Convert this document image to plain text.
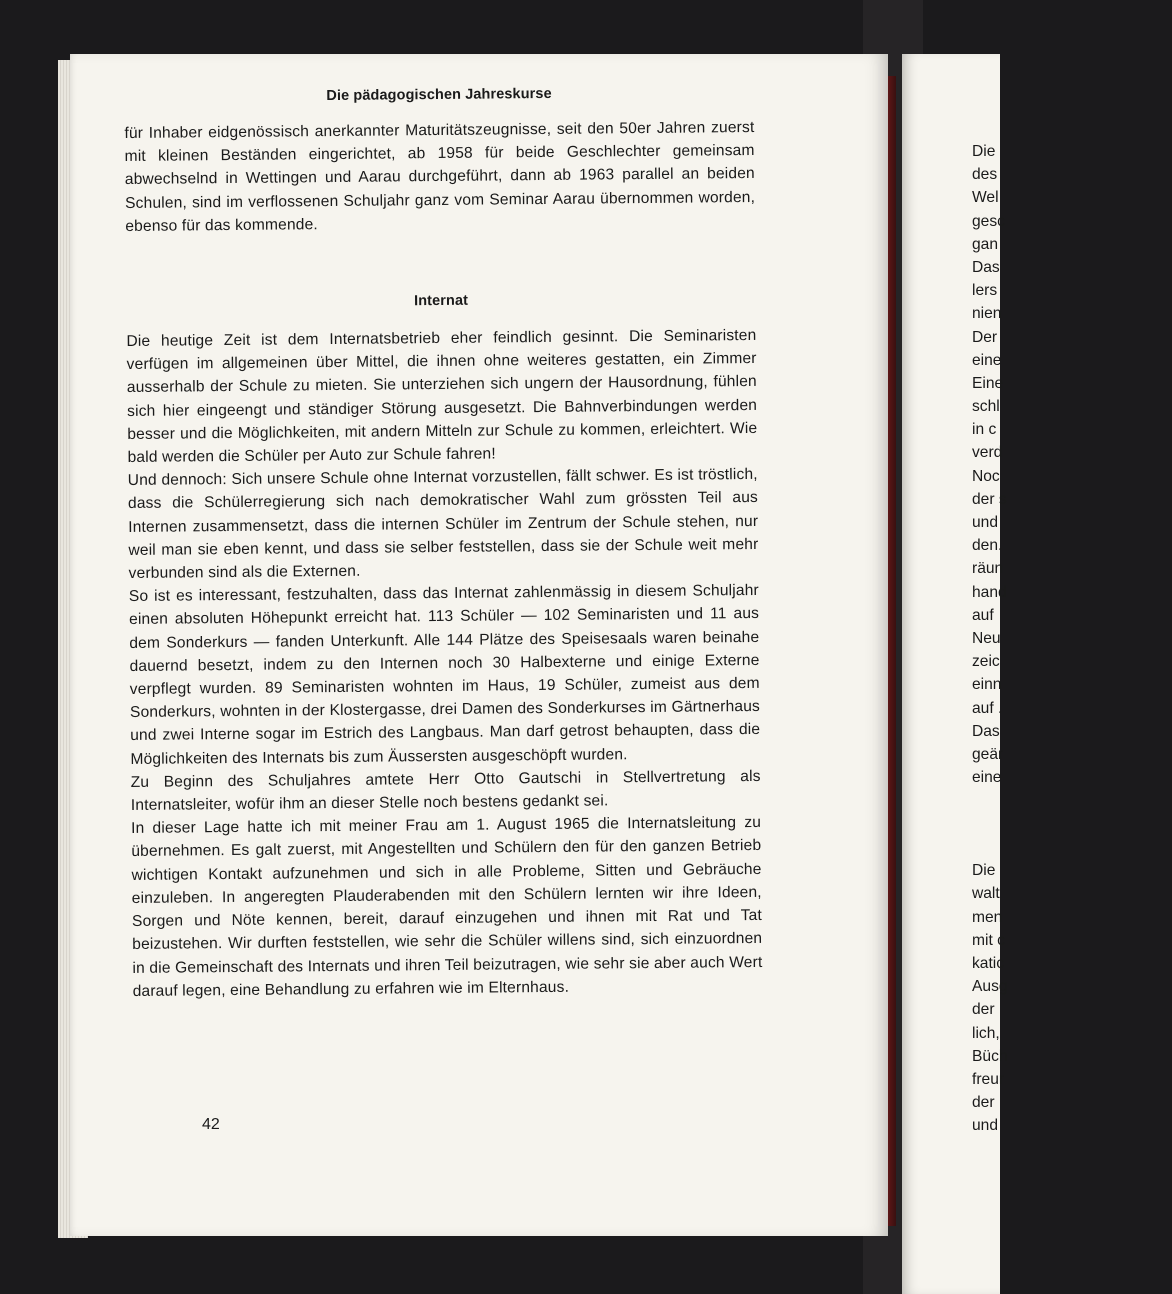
Die pädagogischen Jahreskurse

für Inhaber eidgenössisch anerkannter Maturitätszeugnisse, seit den 50er Jahren zuerst mit kleinen Beständen eingerichtet, ab 1958 für beide Geschlechter gemeinsam abwechselnd in Wettingen und Aarau durchgeführt, dann ab 1963 parallel an beiden Schulen, sind im verflossenen Schuljahr ganz vom Seminar Aarau übernommen worden, ebenso für das kommende.

Internat

Die heutige Zeit ist dem Internatsbetrieb eher feindlich gesinnt. Die Seminaristen verfügen im allgemeinen über Mittel, die ihnen ohne weiteres gestatten, ein Zimmer ausserhalb der Schule zu mieten. Sie unterziehen sich ungern der Hausordnung, fühlen sich hier eingeengt und ständiger Störung ausgesetzt. Die Bahnverbindungen werden besser und die Möglichkeiten, mit andern Mitteln zur Schule zu kommen, erleichtert. Wie bald werden die Schüler per Auto zur Schule fahren!

Und dennoch: Sich unsere Schule ohne Internat vorzustellen, fällt schwer. Es ist tröstlich, dass die Schülerregierung sich nach demokratischer Wahl zum grössten Teil aus Internen zusammensetzt, dass die internen Schüler im Zentrum der Schule stehen, nur weil man sie eben kennt, und dass sie selber feststellen, dass sie der Schule weit mehr verbunden sind als die Externen.

So ist es interessant, festzuhalten, dass das Internat zahlenmässig in diesem Schuljahr einen absoluten Höhepunkt erreicht hat. 113 Schüler — 102 Seminaristen und 11 aus dem Sonderkurs — fanden Unterkunft. Alle 144 Plätze des Speisesaals waren beinahe dauernd besetzt, indem zu den Internen noch 30 Halbexterne und einige Externe verpflegt wurden. 89 Seminaristen wohnten im Haus, 19 Schüler, zumeist aus dem Sonderkurs, wohnten in der Klostergasse, drei Damen des Sonderkurses im Gärtnerhaus und zwei Interne sogar im Estrich des Langbaus. Man darf getrost behaupten, dass die Möglichkeiten des Internats bis zum Äussersten ausgeschöpft wurden.

Zu Beginn des Schuljahres amtete Herr Otto Gautschi in Stellvertretung als Internatsleiter, wofür ihm an dieser Stelle noch bestens gedankt sei.

In dieser Lage hatte ich mit meiner Frau am 1. August 1965 die Internatsleitung zu übernehmen. Es galt zuerst, mit Angestellten und Schülern den für den ganzen Betrieb wichtigen Kontakt aufzunehmen und sich in alle Probleme, Sitten und Gebräuche einzuleben. In angeregten Plauderabenden mit den Schülern lernten wir ihre Ideen, Sorgen und Nöte kennen, bereit, darauf einzugehen und ihnen mit Rat und Tat beizustehen. Wir durften feststellen, wie sehr die Schüler willens sind, sich einzuordnen in die Gemeinschaft des Internats und ihren Teil beizutragen, wie sehr sie aber auch Wert darauf legen, eine Behandlung zu erfahren wie im Elternhaus.

42

Die
des
Wel
gesc
gan
Das
lers
nien
Der
eine
Eine
schl
in c
verd
Noc
der s
und
den.
räun
hand
auf
Neu
zeic
einn
auf .
Das
geär
eine
Die
walt
men
mit c
katic
Ausg
der
lich,
Büch
freur
der
und
